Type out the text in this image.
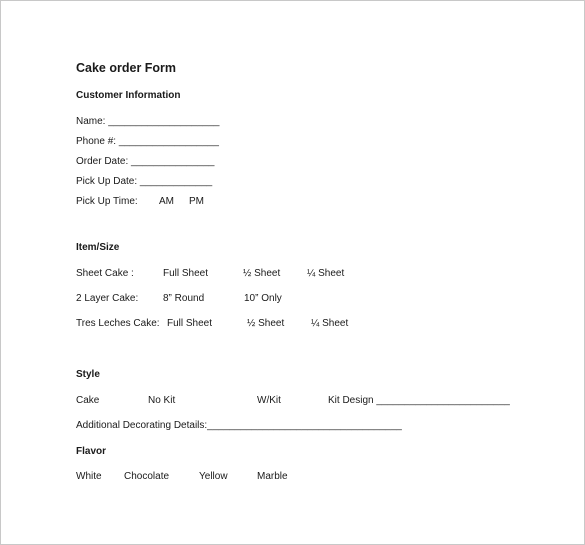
Cake order Form
Customer Information
Name: ____________________
Phone #: __________________
Order Date: _______________
Pick Up Date: _____________
Pick Up Time: AM PM
Item/Size
Sheet Cake :	Full Sheet	½ Sheet	¼ Sheet
2 Layer Cake: 8” Round	10” Only
Tres Leches Cake: Full Sheet	½ Sheet	¼ Sheet
Style
Cake	No Kit	W/Kit	Kit Design ________________________
Additional Decorating Details:___________________________________
Flavor
White Chocolate	Yellow	Marble
